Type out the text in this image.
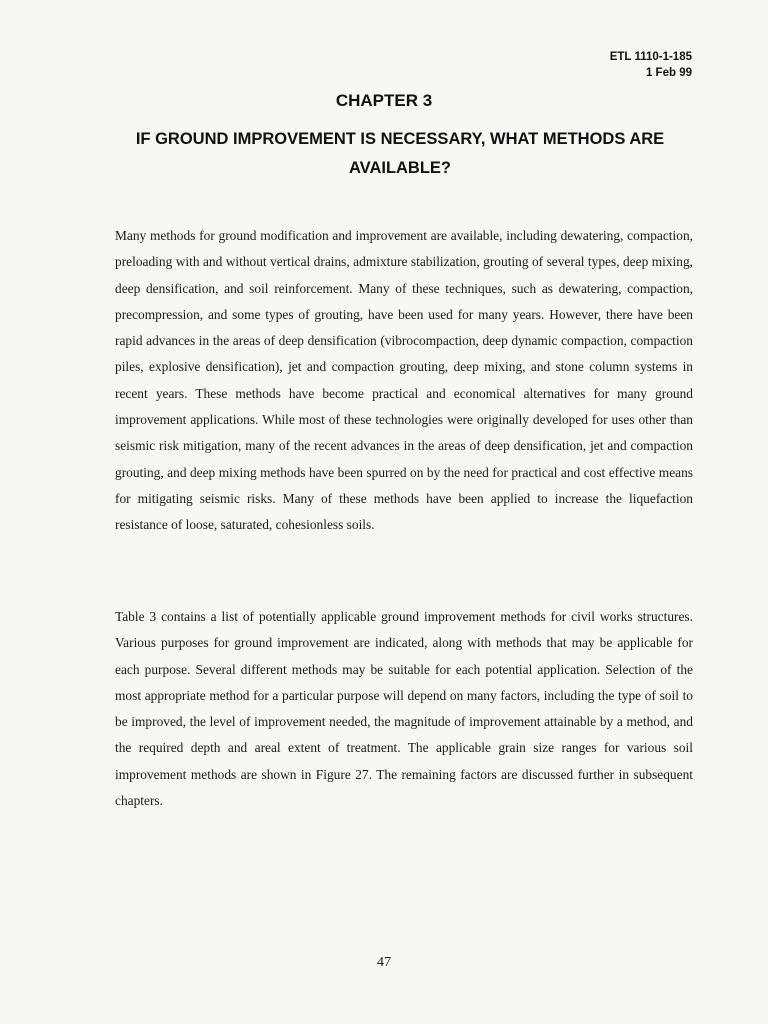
ETL 1110-1-185
1 Feb 99
CHAPTER 3
IF GROUND IMPROVEMENT IS NECESSARY, WHAT METHODS ARE AVAILABLE?

Many methods for ground modification and improvement are available, including dewatering, compaction, preloading with and without vertical drains, admixture stabilization, grouting of several types, deep mixing, deep densification, and soil reinforcement. Many of these techniques, such as dewatering, compaction, precompression, and some types of grouting, have been used for many years. However, there have been rapid advances in the areas of deep densification (vibrocompaction, deep dynamic compaction, compaction piles, explosive densification), jet and compaction grouting, deep mixing, and stone column systems in recent years. These methods have become practical and economical alternatives for many ground improvement applications. While most of these technologies were originally developed for uses other than seismic risk mitigation, many of the recent advances in the areas of deep densification, jet and compaction grouting, and deep mixing methods have been spurred on by the need for practical and cost effective means for mitigating seismic risks. Many of these methods have been applied to increase the liquefaction resistance of loose, saturated, cohesionless soils.

Table 3 contains a list of potentially applicable ground improvement methods for civil works structures. Various purposes for ground improvement are indicated, along with methods that may be applicable for each purpose. Several different methods may be suitable for each potential application. Selection of the most appropriate method for a particular purpose will depend on many factors, including the type of soil to be improved, the level of improvement needed, the magnitude of improvement attainable by a method, and the required depth and areal extent of treatment. The applicable grain size ranges for various soil improvement methods are shown in Figure 27. The remaining factors are discussed further in subsequent chapters.

47
